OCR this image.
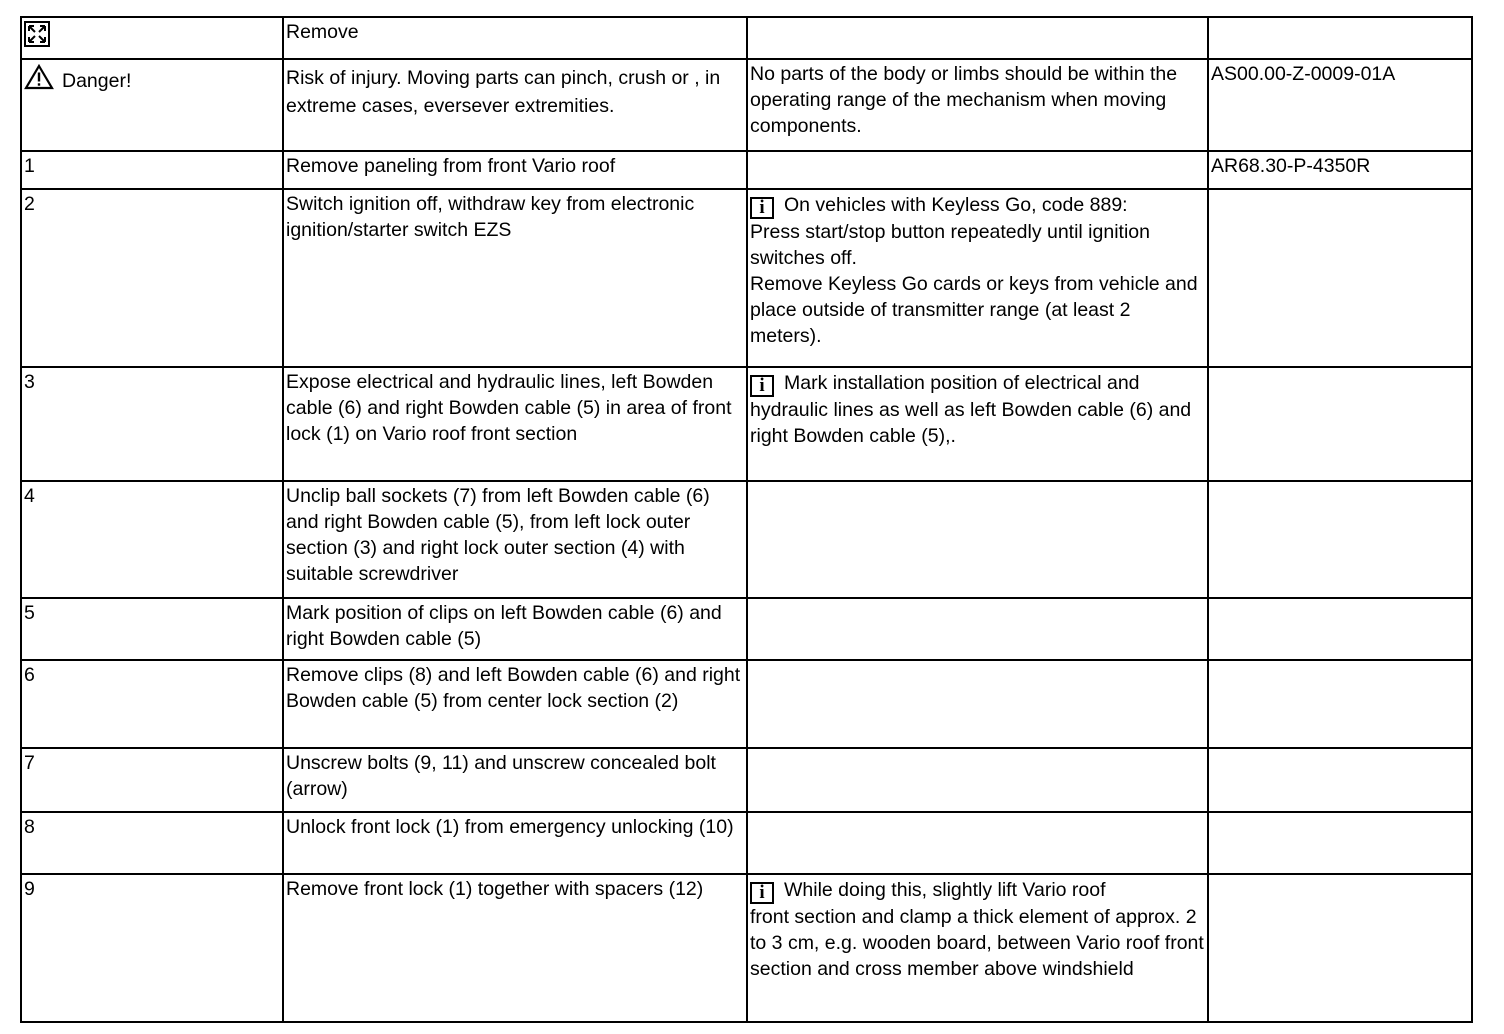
	Remove		
Danger!	Risk of injury. Moving parts can pinch, crush or , in extreme cases, eversever extremities.	No parts of the body or limbs should be within the operating range of the mechanism when moving components.	AS00.00-Z-0009-01A
1	Remove paneling from front Vario roof		AR68.30-P-4350R
2	Switch ignition off, withdraw key from electronic ignition/starter switch EZS	i On vehicles with Keyless Go, code 889:
Press start/stop button repeatedly until ignition switches off.
Remove Keyless Go cards or keys from vehicle and place outside of transmitter range (at least 2 meters).	

3	Expose electrical and hydraulic lines, left Bowden cable (6) and right Bowden cable (5) in area of front lock (1) on Vario roof front section	i Mark installation position of electrical and
hydraulic lines as well as left Bowden cable (6) and right Bowden cable (5),.	

4	Unclip ball sockets (7) from left Bowden cable (6) and right Bowden cable (5), from left lock outer section (3) and right lock outer section (4) with suitable screwdriver		
5	Mark position of clips on left Bowden cable (6) and right Bowden cable (5)		
6	Remove clips (8) and left Bowden cable (6) and right Bowden cable (5) from center lock section (2)		
7	Unscrew bolts (9, 11) and unscrew concealed bolt (arrow)		
8	Unlock front lock (1) from emergency unlocking (10)		
9	Remove front lock (1) together with spacers (12)	i While doing this, slightly lift Vario roof
front section and clamp a thick element of approx. 2 to 3 cm, e.g. wooden board, between Vario roof front section and cross member above windshield	
